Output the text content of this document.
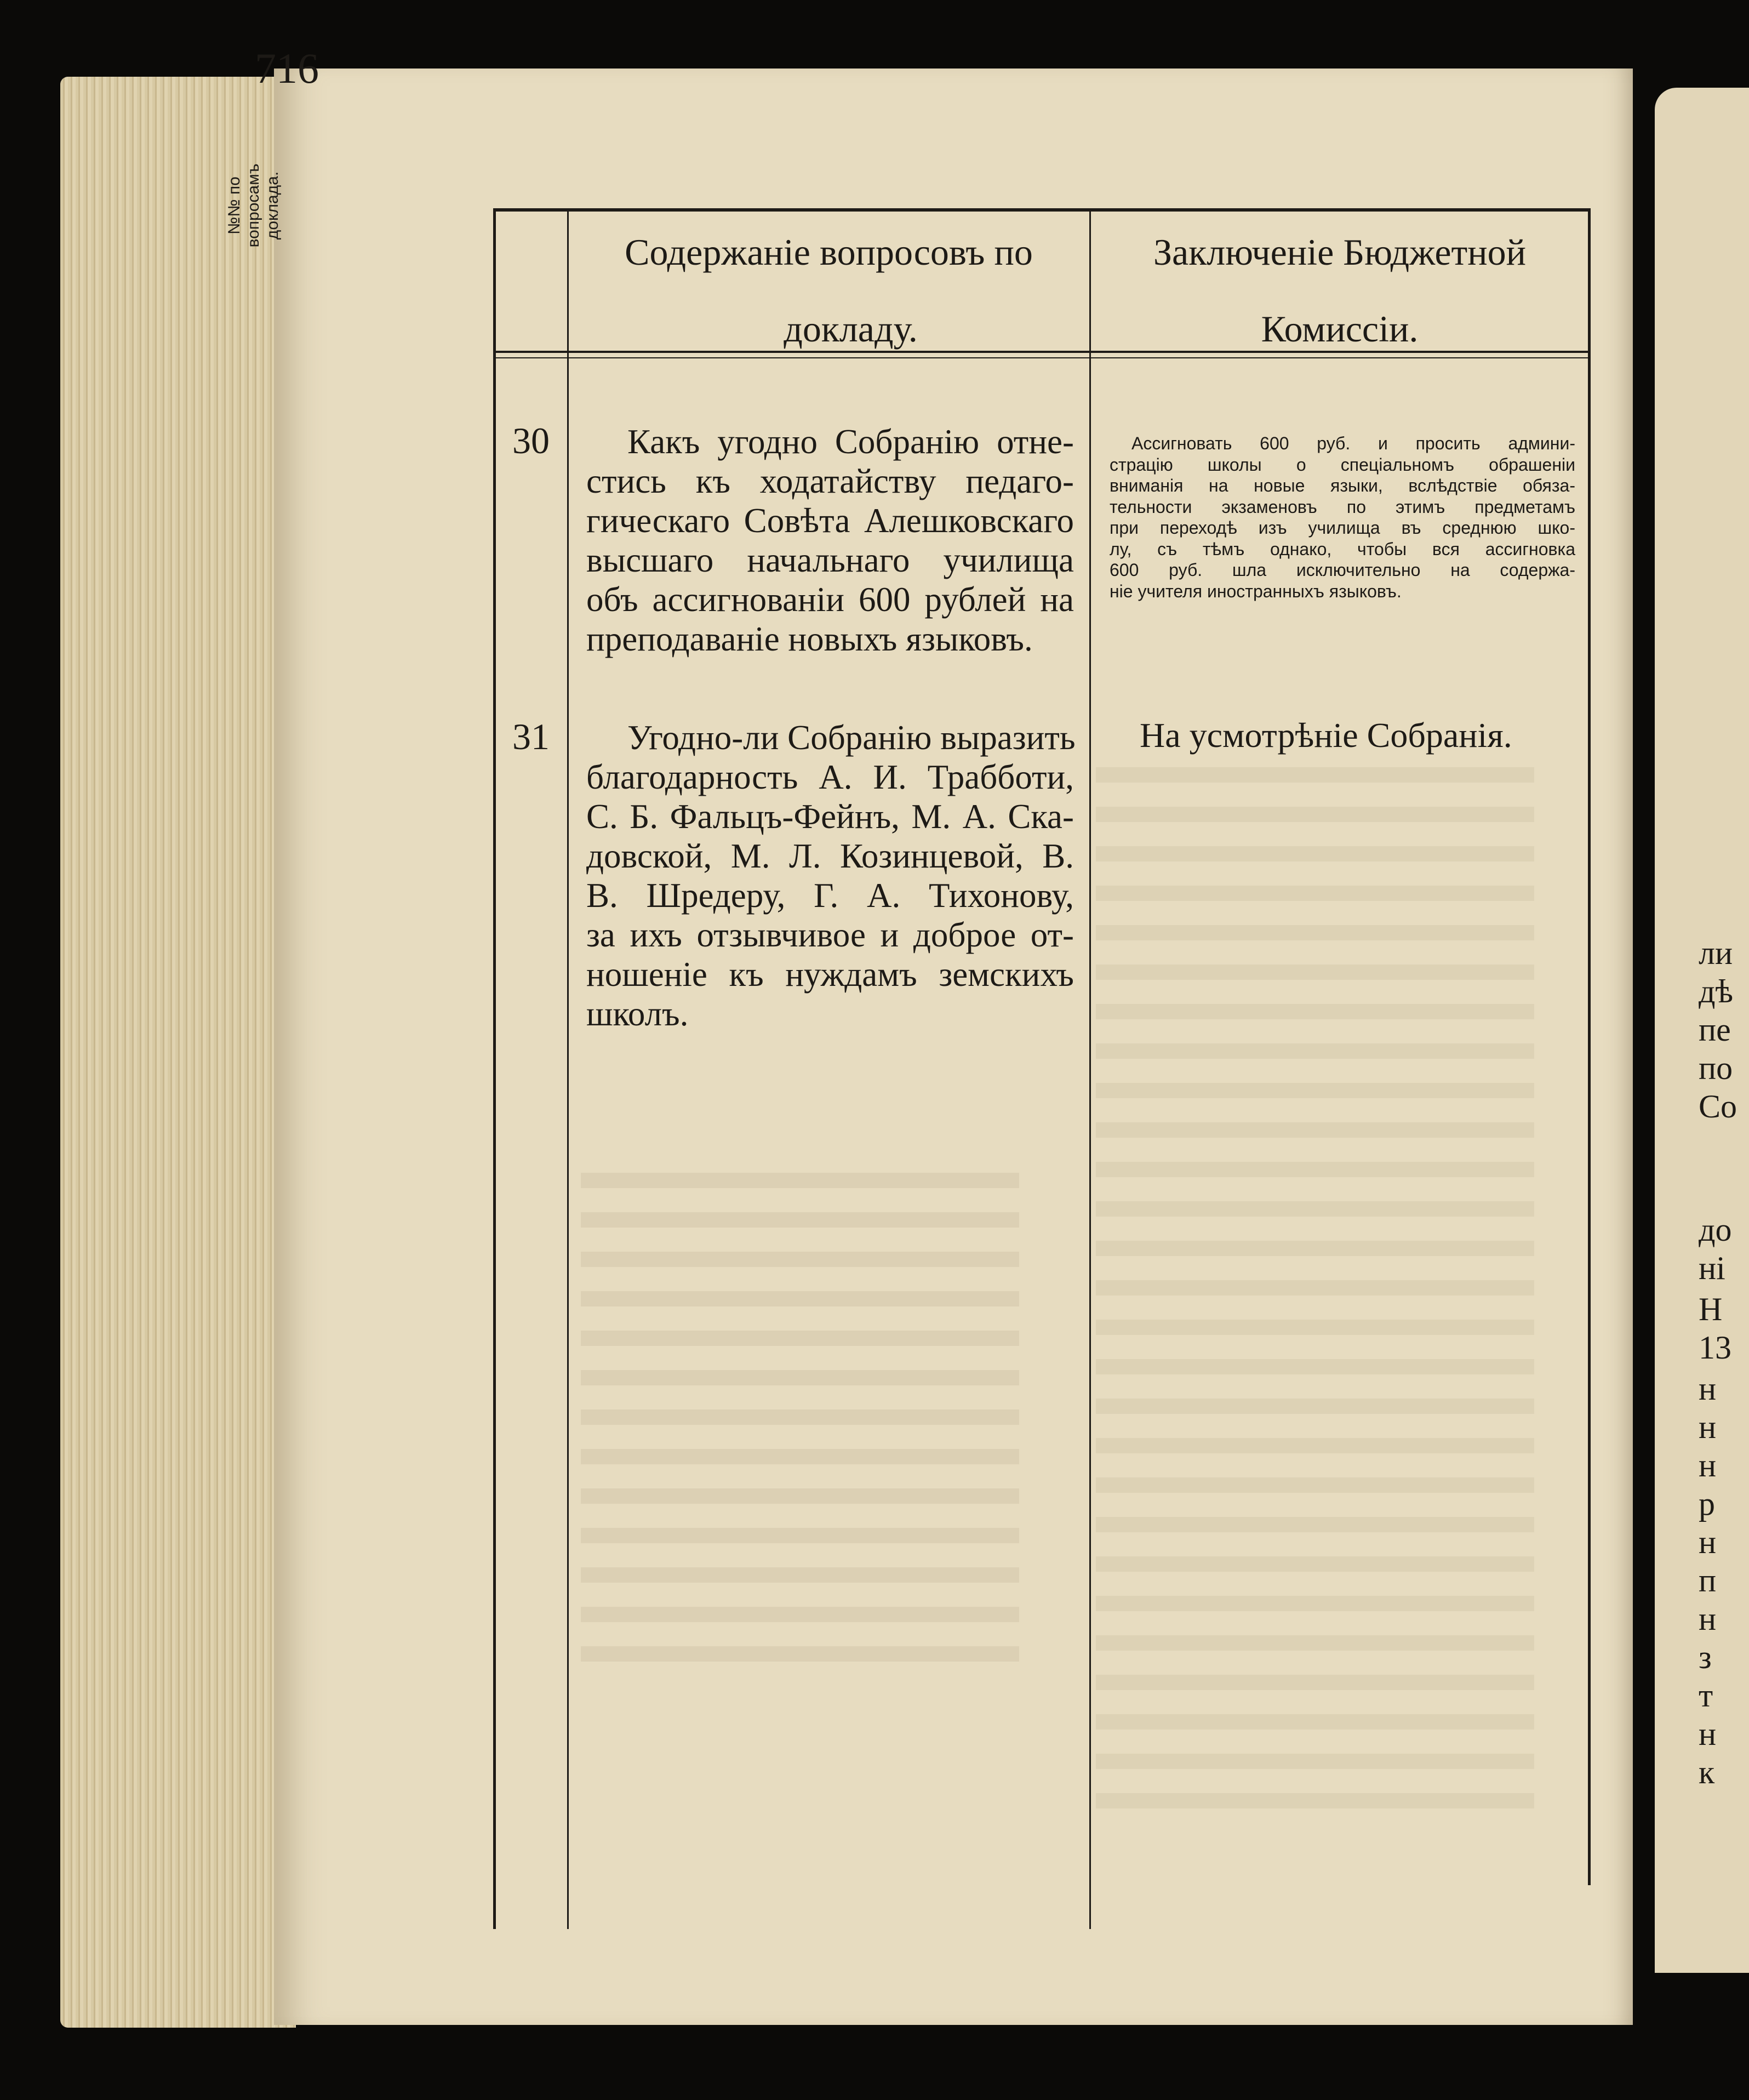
ли
дѣ
пе
по
Со
до
ні
Н
13
н
н
н
р
н
п
н
з
т
н
к
716
№№ по вопросамъ доклада.
Содержаніе вопросовъ по
докладу.
Заключеніе Бюджетной
Комиссіи.
30	Какъ угодно Собранію отне-
стись къ ходатайству педаго-
гическаго Совѣта Алешковскаго
высшаго начальнаго училища
объ ассигнованіи 600 рублей на
преподаваніе новыхъ языковъ.
Ассигновать 600 руб. и просить админи-
страцію школы о спеціальномъ обрашеніи
вниманія на новые языки, вслѣдствіе обяза-
тельности экзаменовъ по этимъ предметамъ
при переходѣ изъ училища въ среднюю шко-
лу, съ тѣмъ однако, чтобы вся ассигновка
600 руб. шла исключительно на содержа-
ніе учителя иностранныхъ языковъ.
31	Угодно-ли Собранію выразить
благодарность А. И. Трабботи,
С. Б. Фальцъ-Фейнъ, М. А. Ска-
довской, М. Л. Козинцевой, В.
В. Шредеру, Г. А. Тихонову,
за ихъ отзывчивое и доброе от-
ношеніе къ нуждамъ земскихъ
школъ.
На усмотрѣніе Собранія.
